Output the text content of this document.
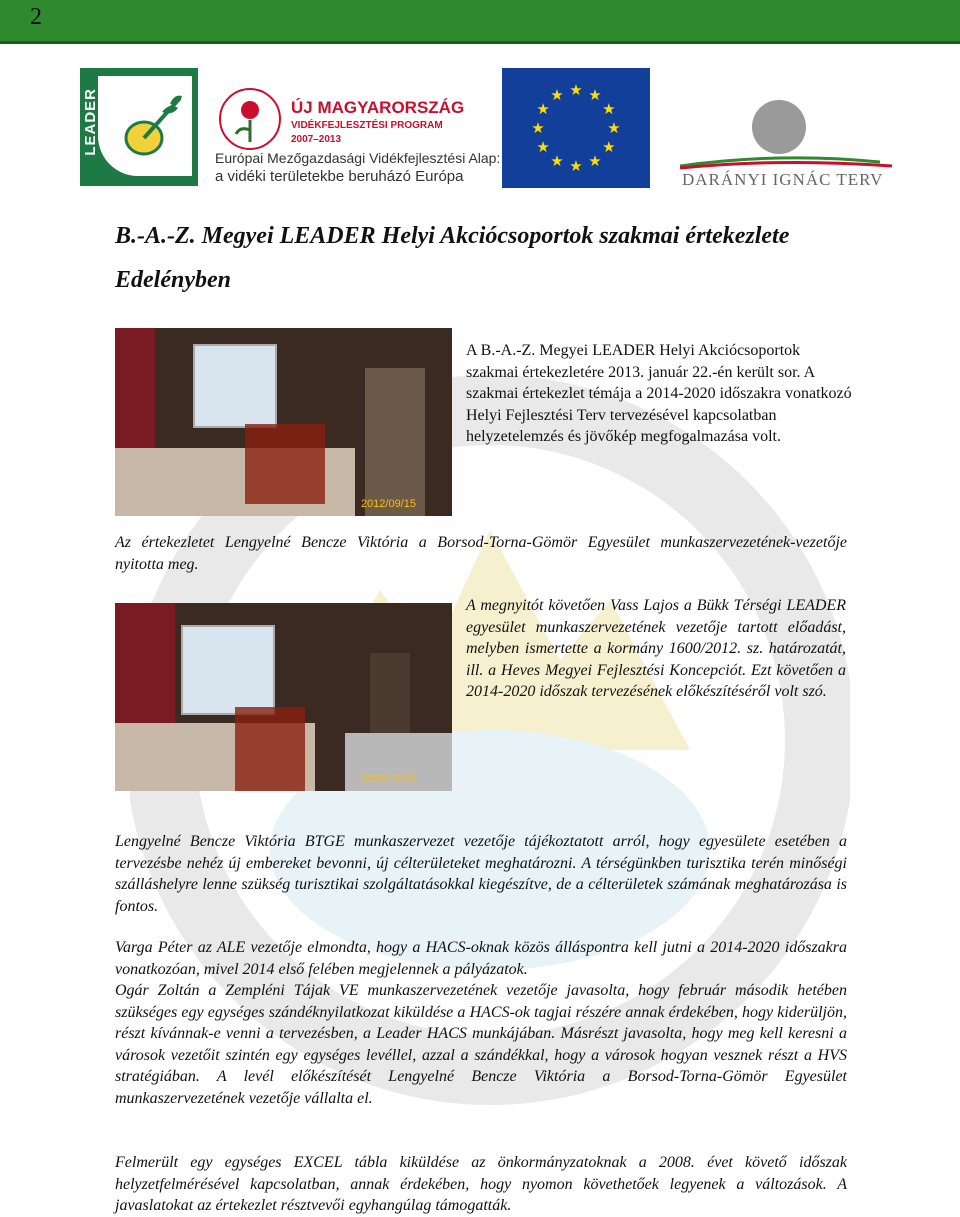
2
LEADER	ÚJ MAGYARORSZÁG
VIDÉKFEJLESZTÉSI PROGRAM
2007–2013
Európai Mezőgazdasági Vidékfejlesztési Alap:
a vidéki területekbe beruházó Európa
★ ★
★
★
★
★
★
★
★
★
★
★
DARÁNYI IGNÁC TERV
B.-A.-Z. Megyei LEADER Helyi Akciócsoportok szakmai értekezlete
Edelényben
2012/09/15

A B.-A.-Z. Megyei LEADER Helyi Akciócsoportok szakmai értekezletére 2013. január 22.-én került sor. A szakmai értekezlet témája a 2014-2020 időszakra vonatkozó Helyi Fejlesztési Terv tervezésével kapcsolatban helyzetelemzés és jövőkép megfogalmazása volt.

Az értekezletet Lengyelné Bencze Viktória a Borsod-Torna-Gömör Egyesület munkaszervezetének-vezetője nyitotta meg.

2012/09/15

A megnyitót követően Vass Lajos a Bükk Térségi LEADER egyesület munkaszervezetének vezetője tartott előadást, melyben ismertette a kormány 1600/2012. sz. határozatát, ill. a Heves Megyei Fejlesztési Koncepciót. Ezt követően a 2014-2020 időszak tervezésének előkészítéséről volt szó.

Lengyelné Bencze Viktória BTGE munkaszervezet vezetője tájékoztatott arról, hogy egyesülete esetében a tervezésbe nehéz új embereket bevonni, új célterületeket meghatározni. A térségünkben turisztika terén minőségi szálláshelyre lenne szükség turisztikai szolgáltatásokkal kiegészítve, de a célterületek számának meghatározása is fontos.

Varga Péter az ALE vezetője elmondta, hogy a HACS-oknak közös álláspontra kell jutni a 2014-2020 időszakra vonatkozóan, mivel 2014 első felében megjelennek a pályázatok.

Ogár Zoltán a Zempléni Tájak VE munkaszervezetének vezetője javasolta, hogy február második hetében szükséges egy egységes szándéknyilatkozat kiküldése a HACS-ok tagjai részére annak érdekében, hogy kiderüljön, részt kívánnak-e venni a tervezésben, a Leader HACS munkájában. Másrészt javasolta, hogy meg kell keresni a városok vezetőit szintén egy egységes levéllel, azzal a szándékkal, hogy a városok hogyan vesznek részt a HVS stratégiában. A levél előkészítését Lengyelné Bencze Viktória a Borsod-Torna-Gömör Egyesület munkaszervezetének vezetője vállalta el.

Felmerült egy egységes EXCEL tábla kiküldése az önkormányzatoknak a 2008. évet követő időszak helyzetfelmérésével kapcsolatban, annak érdekében, hogy nyomon követhetőek legyenek a változások. A javaslatokat az értekezlet résztvevői egyhangúlag támogatták.
